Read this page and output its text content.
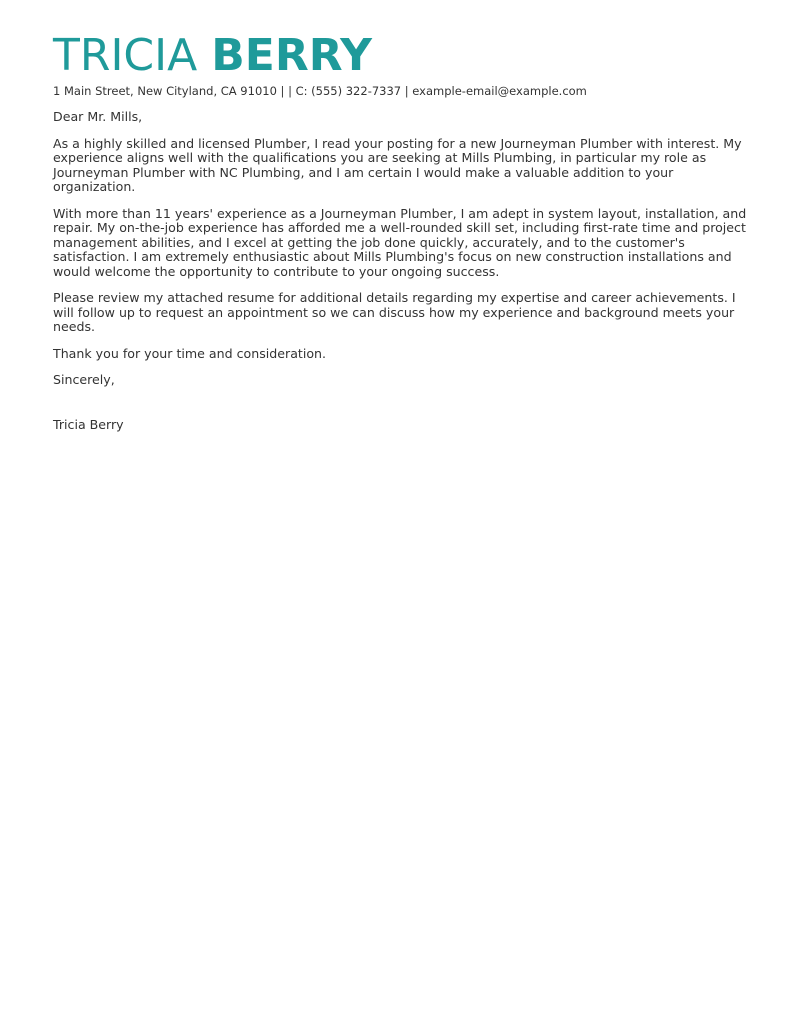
TRICIA BERRY
1 Main Street, New Cityland, CA 91010 | | C: (555) 322-7337 | example-email@example.com

Dear Mr. Mills,

As a highly skilled and licensed Plumber, I read your posting for a new Journeyman Plumber with interest. My experience aligns well with the qualifications you are seeking at Mills Plumbing, in particular my role as Journeyman Plumber with NC Plumbing, and I am certain I would make a valuable addition to your organization.

With more than 11 years' experience as a Journeyman Plumber, I am adept in system layout, installation, and repair. My on-the-job experience has afforded me a well-rounded skill set, including first-rate time and project management abilities, and I excel at getting the job done quickly, accurately, and to the customer's satisfaction. I am extremely enthusiastic about Mills Plumbing's focus on new construction installations and would welcome the opportunity to contribute to your ongoing success.

Please review my attached resume for additional details regarding my expertise and career achievements. I will follow up to request an appointment so we can discuss how my experience and background meets your needs.

Thank you for your time and consideration.

Sincerely,

Tricia Berry
